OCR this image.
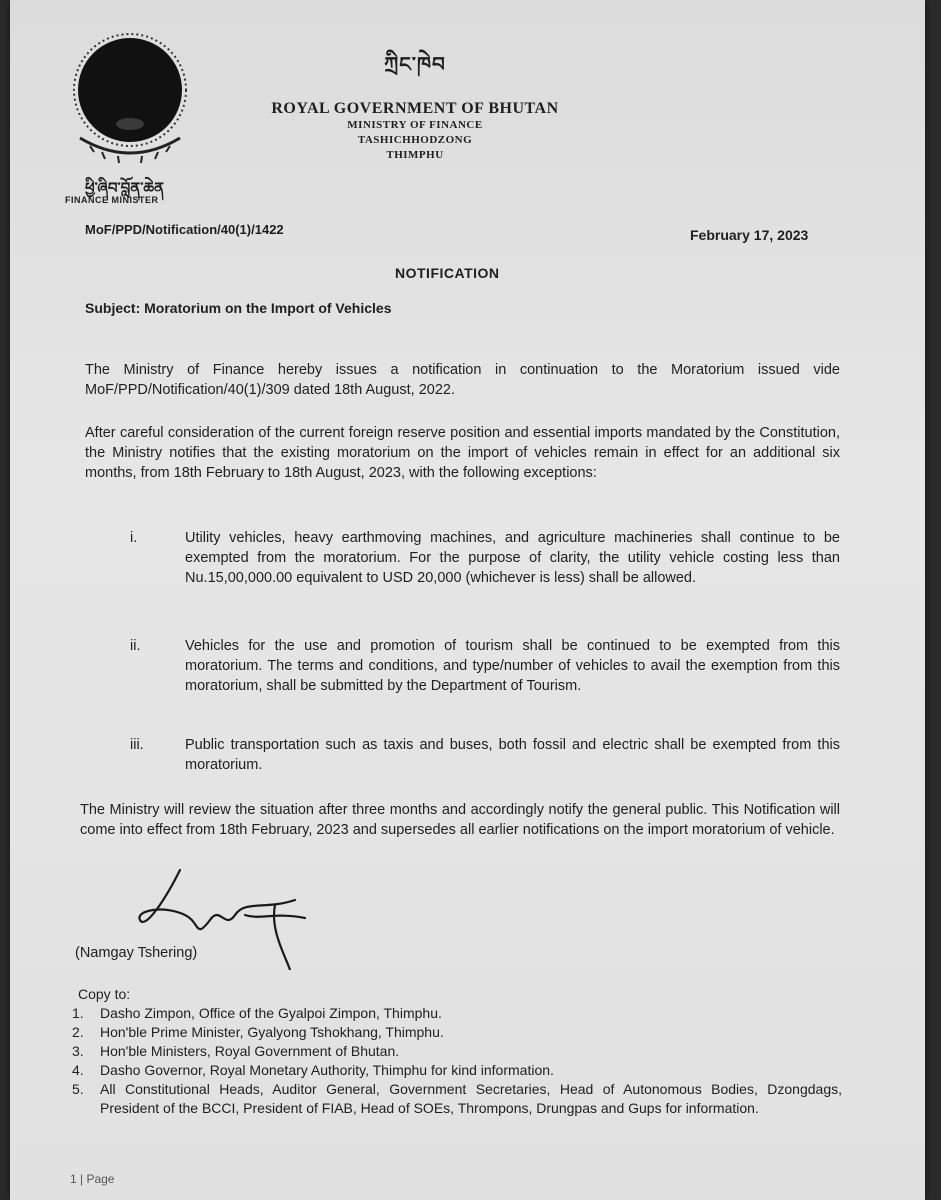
ཕྱི་ཞིབ་བློན་ཆེན
FINANCE MINISTER
ཀྲིང་ཁེབ
ROYAL GOVERNMENT OF BHUTAN
MINISTRY OF FINANCE
TASHICHHODZONG
THIMPHU
MoF/PPD/Notification/40(1)/1422	February 17, 2023
NOTIFICATION
Subject: Moratorium on the Import of Vehicles
The Ministry of Finance hereby issues a notification in continuation to the Moratorium issued vide MoF/PPD/Notification/40(1)/309 dated 18th August, 2022.
After careful consideration of the current foreign reserve position and essential imports mandated by the Constitution, the Ministry notifies that the existing moratorium on the import of vehicles remain in effect for an additional six months, from 18th February to 18th August, 2023, with the following exceptions:
i.	Utility vehicles, heavy earthmoving machines, and agriculture machineries shall continue to be exempted from the moratorium. For the purpose of clarity, the utility vehicle costing less than Nu.15,00,000.00 equivalent to USD 20,000 (whichever is less) shall be allowed.
ii.	Vehicles for the use and promotion of tourism shall be continued to be exempted from this moratorium. The terms and conditions, and type/number of vehicles to avail the exemption from this moratorium, shall be submitted by the Department of Tourism.
iii.	Public transportation such as taxis and buses, both fossil and electric shall be exempted from this moratorium.
The Ministry will review the situation after three months and accordingly notify the general public. This Notification will come into effect from 18th February, 2023 and supersedes all earlier notifications on the import moratorium of vehicle.
(Namgay Tshering)
Copy to:
1.	Dasho Zimpon, Office of the Gyalpoi Zimpon, Thimphu.
2.	Hon'ble Prime Minister, Gyalyong Tshokhang, Thimphu.
3.	Hon'ble Ministers, Royal Government of Bhutan.
4.	Dasho Governor, Royal Monetary Authority, Thimphu for kind information.
5.	All Constitutional Heads, Auditor General, Government Secretaries, Head of Autonomous Bodies, Dzongdags, President of the BCCI, President of FIAB, Head of SOEs, Thrompons, Drungpas and Gups for information.
1 | Page
